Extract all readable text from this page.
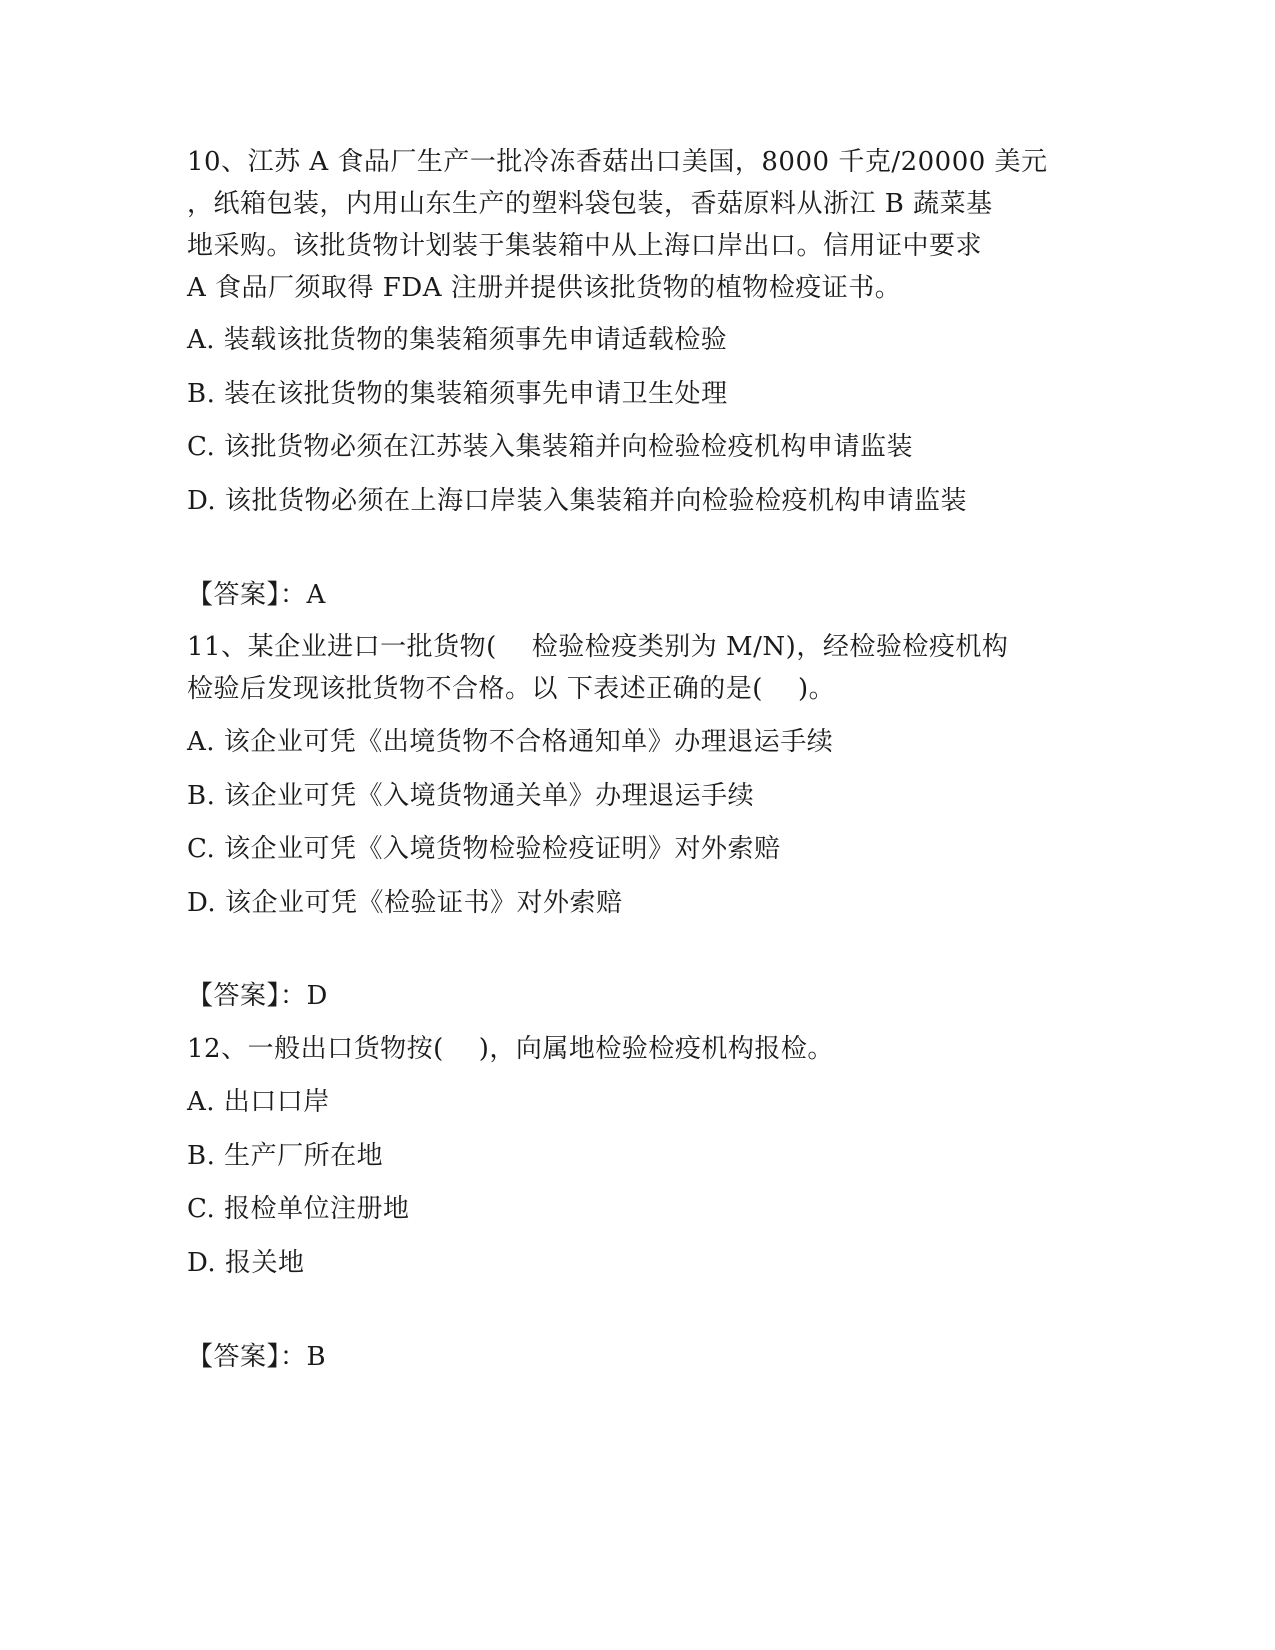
10、江苏 A 食品厂生产一批冷冻香菇出口美国，8000 千克/20000 美元
，纸箱包装，内用山东生产的塑料袋包装，香菇原料从浙江 B 蔬菜基
地采购。该批货物计划装于集装箱中从上海口岸出口。信用证中要求
A 食品厂须取得 FDA 注册并提供该批货物的植物检疫证书。
A. 装载该批货物的集装箱须事先申请适载检验
B. 装在该批货物的集装箱须事先申请卫生处理
C. 该批货物必须在江苏装入集装箱并向检验检疫机构申请监装
D. 该批货物必须在上海口岸装入集装箱并向检验检疫机构申请监装
【答案】：A
11、某企业进口一批货物(    检验检疫类别为 M/N)，经检验检疫机构
检验后发现该批货物不合格。以 下表述正确的是(    )。
A. 该企业可凭《出境货物不合格通知单》办理退运手续
B. 该企业可凭《入境货物通关单》办理退运手续
C. 该企业可凭《入境货物检验检疫证明》对外索赔
D. 该企业可凭《检验证书》对外索赔
【答案】：D
12、一般出口货物按(    )，向属地检验检疫机构报检。
A. 出口口岸
B. 生产厂所在地
C. 报检单位注册地
D. 报关地
【答案】：B
